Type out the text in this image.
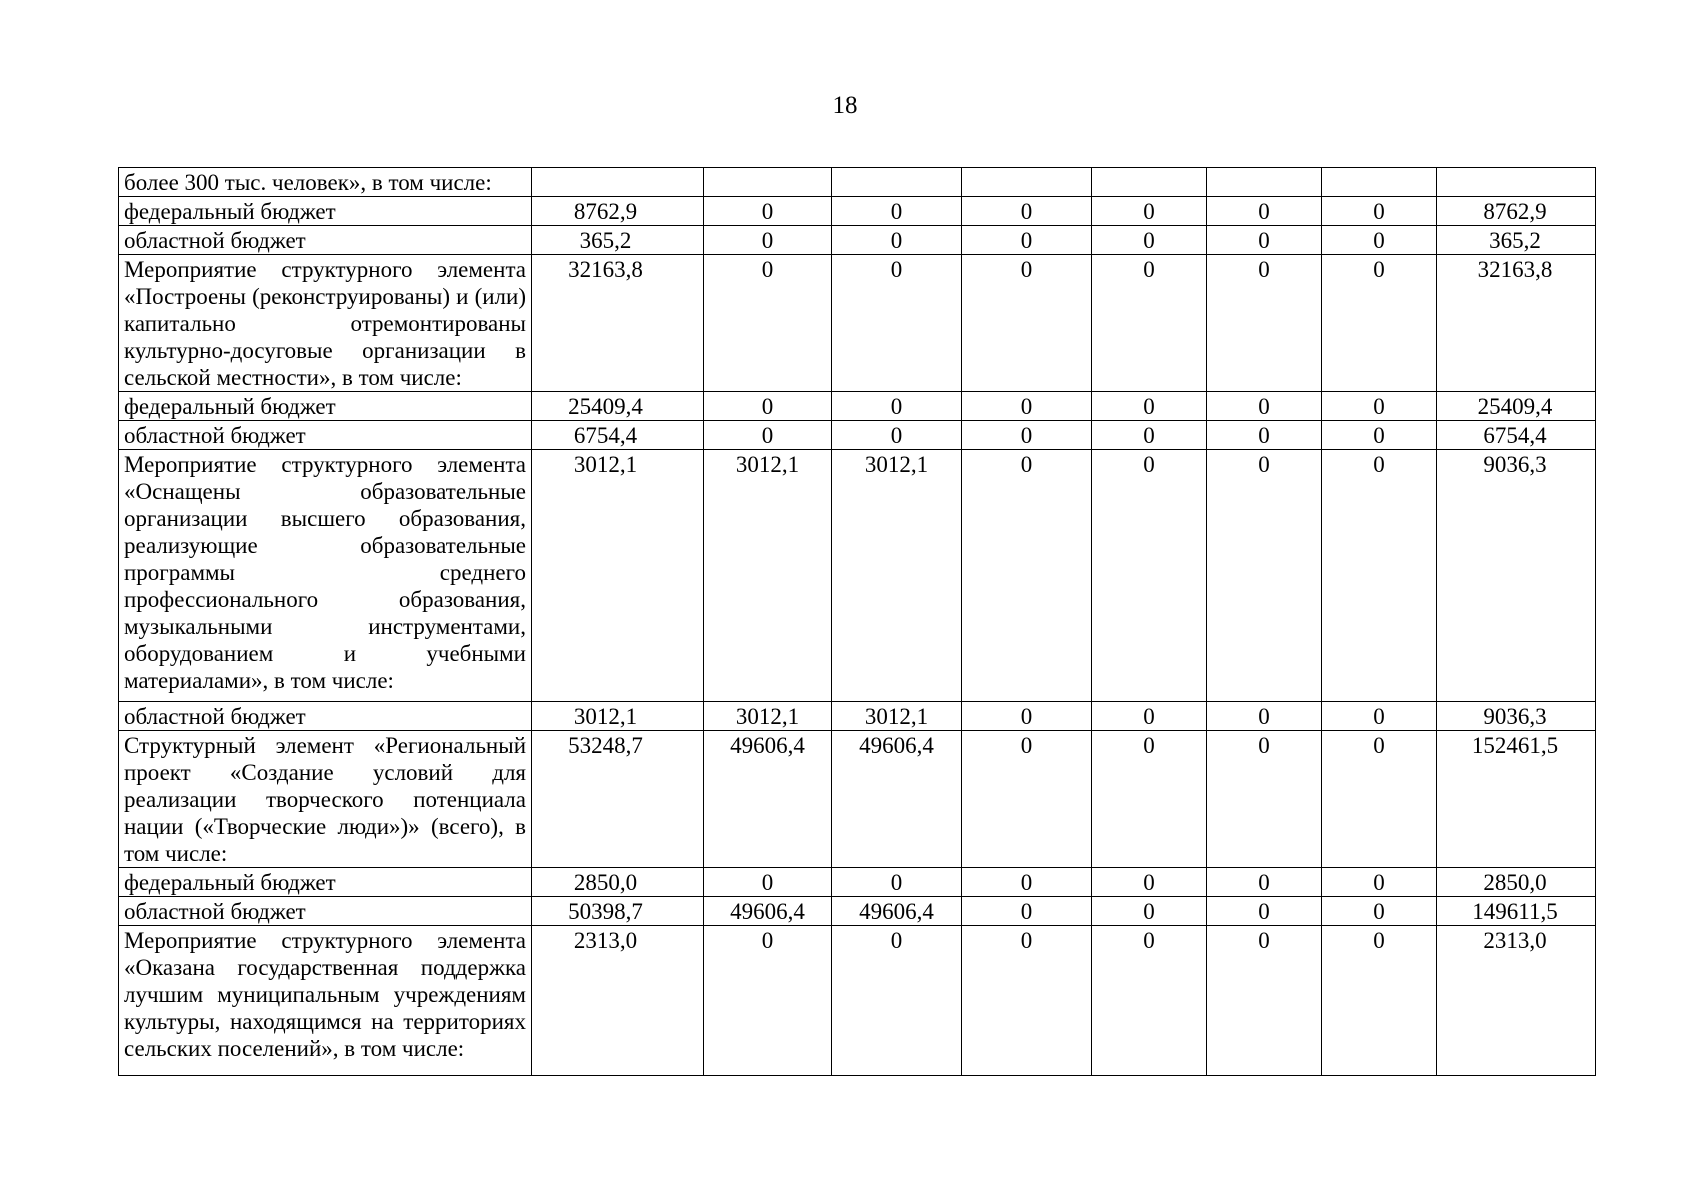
18
более 300 тыс. человек», в том числе:								
федеральный бюджет	8762,9	0	0	0	0	0	0	8762,9
областной бюджет	365,2	0	0	0	0	0	0	365,2
Мероприятие структурного элемента «Построены (реконструированы) и (или) капитально отремонтированы культурно-досуговые организации в сельской местности», в том числе:	32163,8	0	0	0	0	0	0	32163,8
федеральный бюджет	25409,4	0	0	0	0	0	0	25409,4
областной бюджет	6754,4	0	0	0	0	0	0	6754,4
Мероприятие структурного элемента «Оснащены образовательные организации высшего образования, реализующие образовательные программы среднего профессионального образования, музыкальными инструментами, оборудованием и учебными материалами», в том числе:	3012,1	3012,1	3012,1	0	0	0	0	9036,3
областной бюджет	3012,1	3012,1	3012,1	0	0	0	0	9036,3
Структурный элемент «Региональный проект «Создание условий для реализации творческого потенциала нации («Творческие люди»)» (всего), в том числе:	53248,7	49606,4	49606,4	0	0	0	0	152461,5
федеральный бюджет	2850,0	0	0	0	0	0	0	2850,0
областной бюджет	50398,7	49606,4	49606,4	0	0	0	0	149611,5
Мероприятие структурного элемента «Оказана государственная поддержка лучшим муниципальным учреждениям культуры, находящимся на территориях сельских поселений», в том числе:	2313,0	0	0	0	0	0	0	2313,0
